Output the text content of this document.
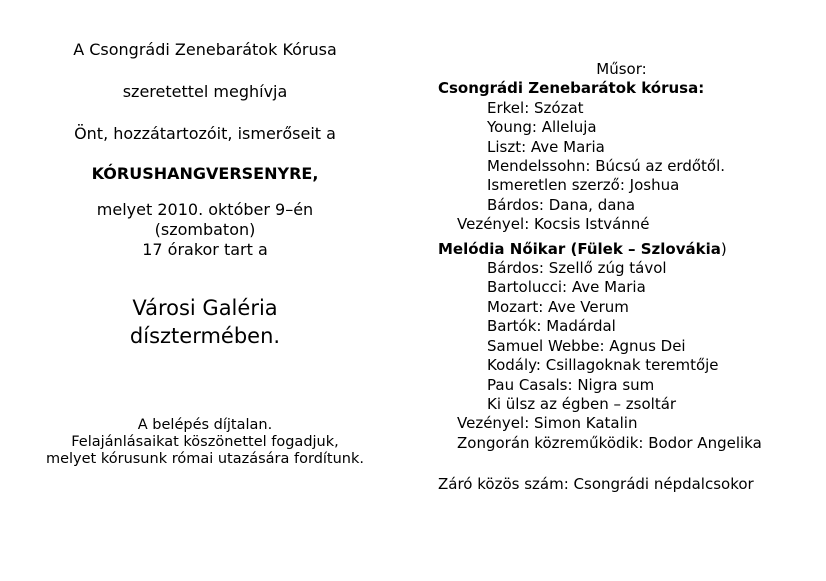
A Csongrádi Zenebarátok Kórusa

szeretettel meghívja

Önt, hozzátartozóit, ismerőseit a

KÓRUSHANGVERSENYRE,

melyet 2010. október 9–én

(szombaton)

17 órakor tart a

Városi Galéria

dísztermében.

A belépés díjtalan.

Felajánlásaikat köszönettel fogadjuk,

melyet kórusunk római utazására fordítunk.

Műsor:

Csongrádi Zenebarátok kórusa:

Erkel: Szózat

Young: Alleluja

Liszt: Ave Maria

Mendelssohn: Búcsú az erdőtől.

Ismeretlen szerző: Joshua

Bárdos: Dana, dana

Vezényel: Kocsis Istvánné

Melódia Nőikar (Fülek – Szlovákia)

Bárdos: Szellő zúg távol

Bartolucci: Ave Maria

Mozart: Ave Verum

Bartók: Madárdal

Samuel Webbe: Agnus Dei

Kodály: Csillagoknak teremtője

Pau Casals: Nigra sum

Ki ülsz az égben – zsoltár

Vezényel: Simon Katalin

Zongorán közreműködik: Bodor Angelika

Záró közös szám: Csongrádi népdalcsokor
